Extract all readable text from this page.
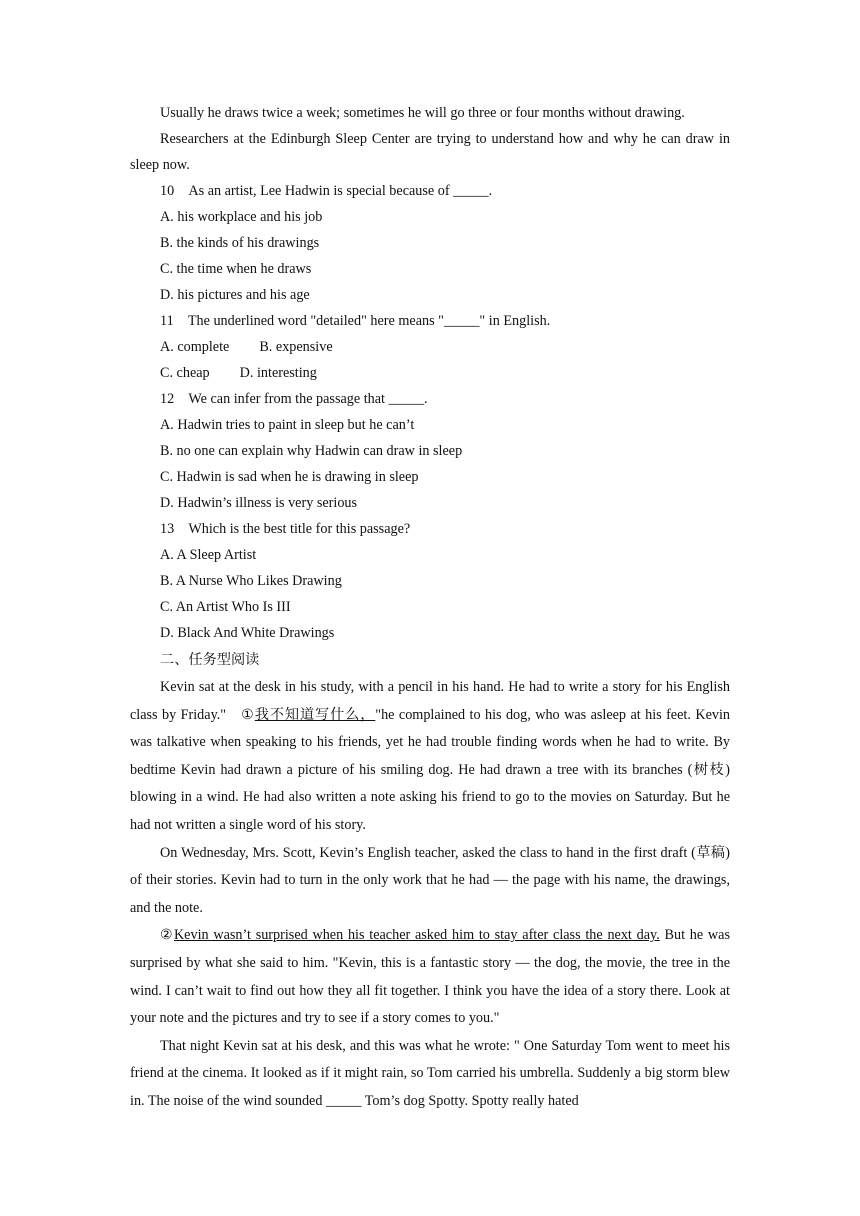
Usually he draws twice a week; sometimes he will go three or four months without drawing.

Researchers at the Edinburgh Sleep Center are trying to understand how and why he can draw in sleep now.

10 As an artist, Lee Hadwin is special because of _____.

A. his workplace and his job

B. the kinds of his drawings

C. the time when he draws

D. his pictures and his age

11 The underlined word "detailed" here means "_____" in English.

A. complete B. expensive

C. cheap D. interesting

12 We can infer from the passage that _____.

A. Hadwin tries to paint in sleep but he can’t

B. no one can explain why Hadwin can draw in sleep

C. Hadwin is sad when he is drawing in sleep

D. Hadwin’s illness is very serious

13 Which is the best title for this passage?

A. A Sleep Artist

B. A Nurse Who Likes Drawing

C. An Artist Who Is III

D. Black And White Drawings

二、任务型阅读

Kevin sat at the desk in his study, with a pencil in his hand. He had to write a story for his English class by Friday." ①我不知道写什么，"he complained to his dog, who was asleep at his feet. Kevin was talkative when speaking to his friends, yet he had trouble finding words when he had to write. By bedtime Kevin had drawn a picture of his smiling dog. He had drawn a tree with its branches (树枝) blowing in a wind. He had also written a note asking his friend to go to the movies on Saturday. But he had not written a single word of his story.

On Wednesday, Mrs. Scott, Kevin’s English teacher, asked the class to hand in the first draft (草稿) of their stories. Kevin had to turn in the only work that he had — the page with his name, the drawings, and the note.

②Kevin wasn’t surprised when his teacher asked him to stay after class the next day. But he was surprised by what she said to him. "Kevin, this is a fantastic story — the dog, the movie, the tree in the wind. I can’t wait to find out how they all fit together. I think you have the idea of a story there. Look at your note and the pictures and try to see if a story comes to you."

That night Kevin sat at his desk, and this was what he wrote: " One Saturday Tom went to meet his friend at the cinema. It looked as if it might rain, so Tom carried his umbrella. Suddenly a big storm blew in. The noise of the wind sounded _____ Tom’s dog Spotty. Spotty really hated
